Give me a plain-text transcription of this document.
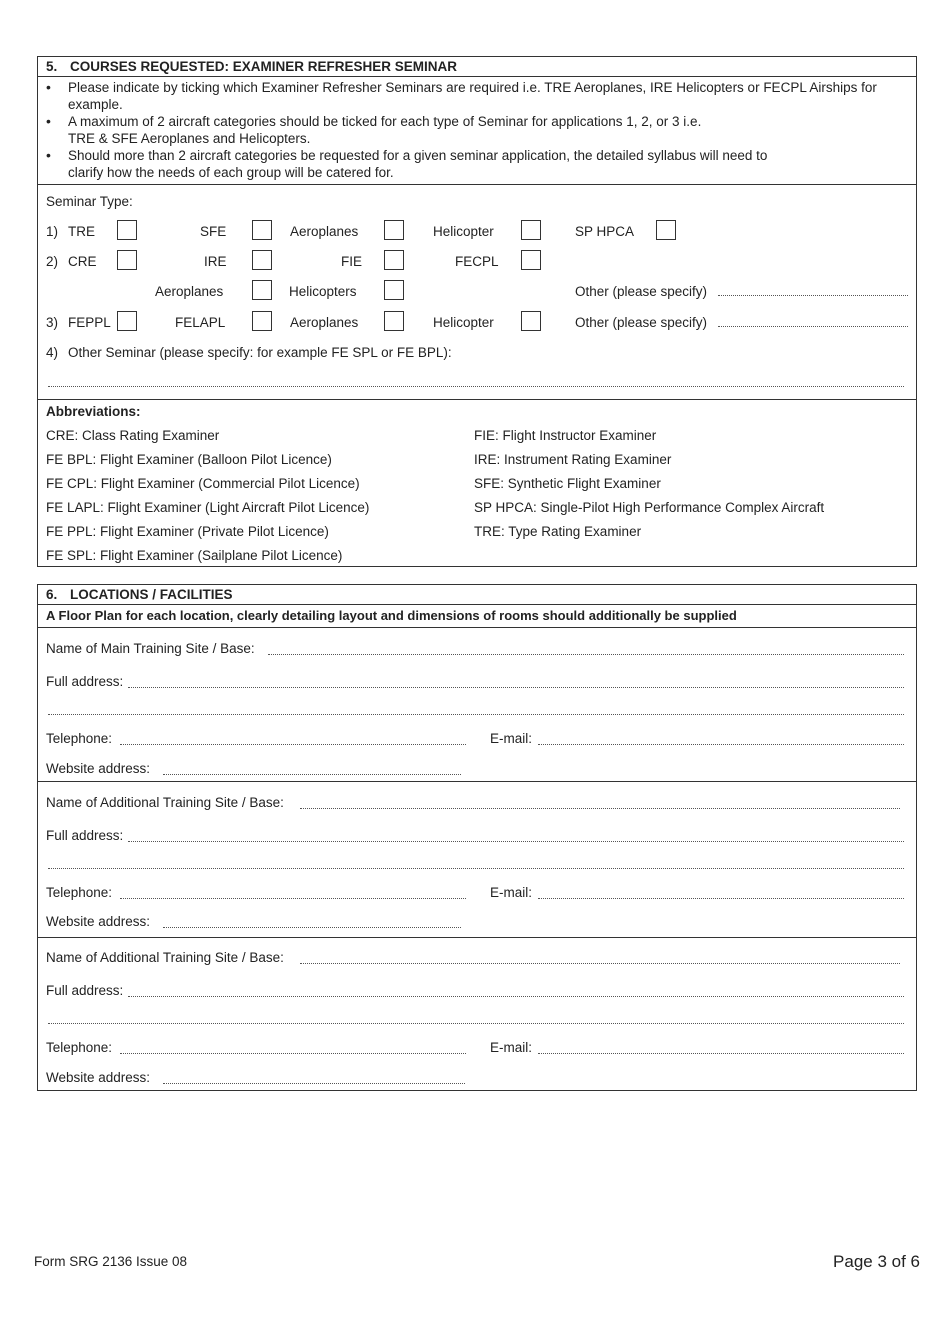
5. COURSES REQUESTED: EXAMINER REFRESHER SEMINAR
• Please indicate by ticking which Examiner Refresher Seminars are required i.e. TRE Aeroplanes, IRE Helicopters or FECPL Airships for example.
• A maximum of 2 aircraft categories should be ticked for each type of Seminar for applications 1, 2, or 3 i.e. TRE & SFE Aeroplanes and Helicopters.
• Should more than 2 aircraft categories be requested for a given seminar application, the detailed syllabus will need to clarify how the needs of each group will be catered for.
Seminar Type:
1) TRE	SFE	Aeroplanes	Helicopter	SP HPCA
2) CRE	IRE	FIE	FECPL
Aeroplanes	Helicopters	Other (please specify)
3) FEPPL	FELAPL	Aeroplanes	Helicopter	Other (please specify)
4) Other Seminar (please specify: for example FE SPL or FE BPL):
Abbreviations:
CRE: Class Rating Examiner
FE BPL: Flight Examiner (Balloon Pilot Licence)
FE CPL: Flight Examiner (Commercial Pilot Licence)
FE LAPL: Flight Examiner (Light Aircraft Pilot Licence)
FE PPL: Flight Examiner (Private Pilot Licence)
FE SPL: Flight Examiner (Sailplane Pilot Licence)
FIE: Flight Instructor Examiner
IRE: Instrument Rating Examiner
SFE: Synthetic Flight Examiner
SP HPCA: Single-Pilot High Performance Complex Aircraft
TRE: Type Rating Examiner
6. LOCATIONS / FACILITIES
A Floor Plan for each location, clearly detailing layout and dimensions of rooms should additionally be supplied
Name of Main Training Site / Base:
Full address:
Telephone:	E-mail:
Website address:
Name of Additional Training Site / Base:
Full address:
Telephone:	E-mail:
Website address:
Name of Additional Training Site / Base:
Full address:
Telephone:	E-mail:
Website address:
Form SRG 2136 Issue 08	Page 3 of 6
